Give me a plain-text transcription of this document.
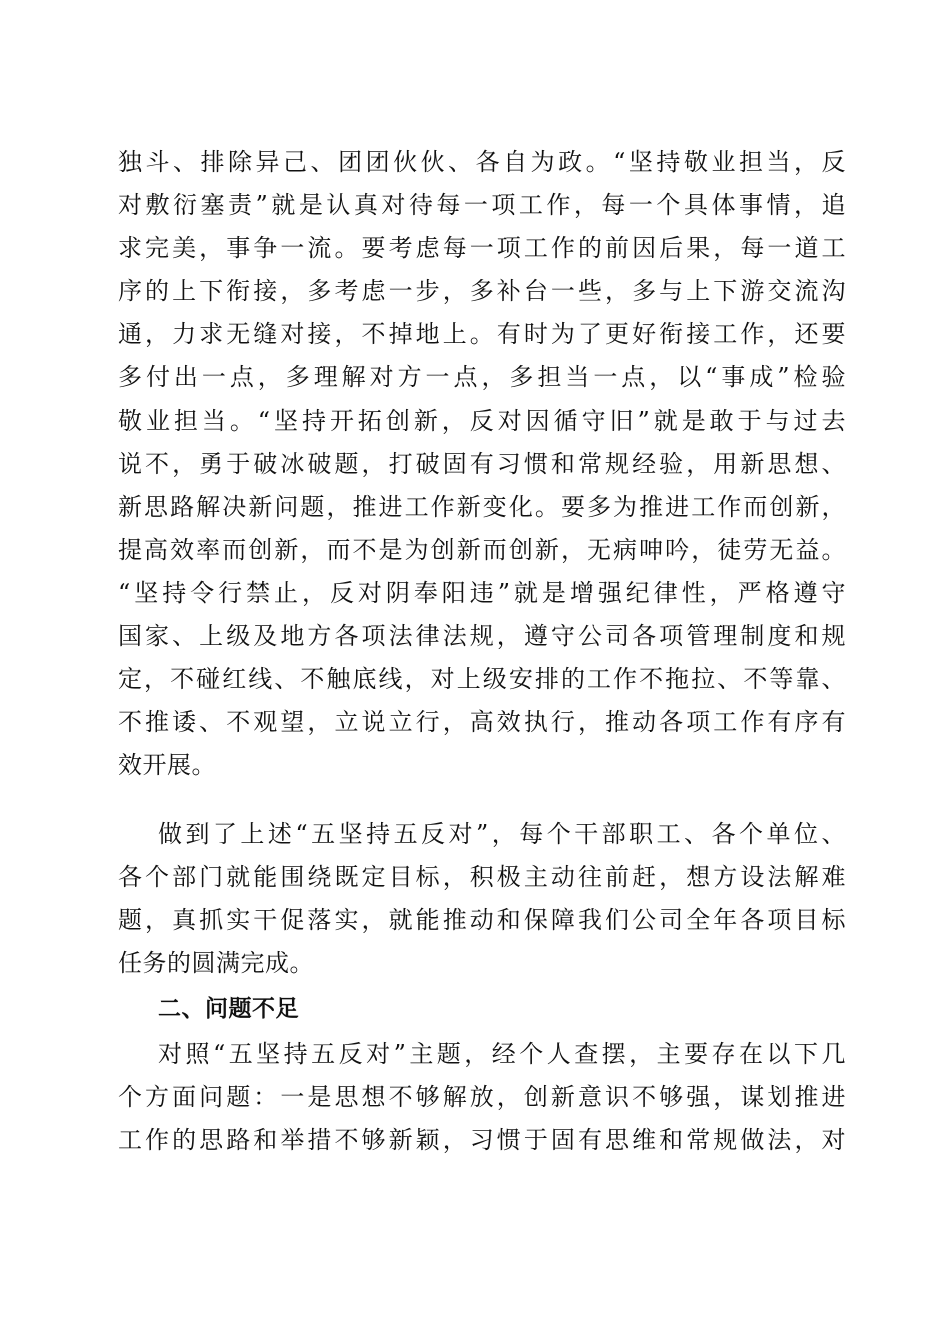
独斗、排除异己、团团伙伙、各自为政。“坚持敬业担当，反
对敷衍塞责”就是认真对待每一项工作，每一个具体事情，追
求完美，事争一流。要考虑每一项工作的前因后果，每一道工
序的上下衔接，多考虑一步，多补台一些，多与上下游交流沟
通，力求无缝对接，不掉地上。有时为了更好衔接工作，还要
多付出一点，多理解对方一点，多担当一点，以“事成”检验
敬业担当。“坚持开拓创新，反对因循守旧”就是敢于与过去
说不，勇于破冰破题，打破固有习惯和常规经验，用新思想、
新思路解决新问题，推进工作新变化。要多为推进工作而创新，
提高效率而创新，而不是为创新而创新，无病呻吟，徒劳无益。
“坚持令行禁止，反对阴奉阳违”就是增强纪律性，严格遵守
国家、上级及地方各项法律法规，遵守公司各项管理制度和规
定，不碰红线、不触底线，对上级安排的工作不拖拉、不等靠、
不推诿、不观望，立说立行，高效执行，推动各项工作有序有
效开展。
做到了上述“五坚持五反对”，每个干部职工、各个单位、
各个部门就能围绕既定目标，积极主动往前赶，想方设法解难
题，真抓实干促落实，就能推动和保障我们公司全年各项目标
任务的圆满完成。
二、问题不足
对照“五坚持五反对”主题，经个人查摆，主要存在以下几
个方面问题：一是思想不够解放，创新意识不够强，谋划推进
工作的思路和举措不够新颖，习惯于固有思维和常规做法，对
